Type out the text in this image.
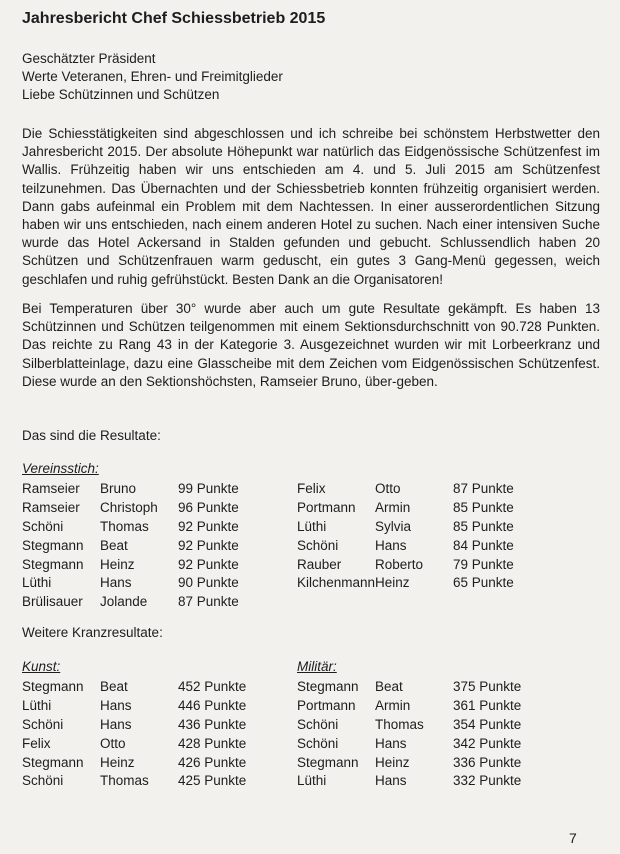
Jahresbericht Chef Schiessbetrieb 2015
Geschätzter Präsident
Werte Veteranen, Ehren- und Freimitglieder
Liebe Schützinnen und Schützen

Die Schiesstätigkeiten sind abgeschlossen und ich schreibe bei schönstem Herbstwetter den Jahresbericht 2015. Der absolute Höhepunkt war natürlich das Eidgenössische Schützenfest im Wallis. Frühzeitig haben wir uns entschieden am 4. und 5. Juli 2015 am Schützenfest teilzunehmen. Das Übernachten und der Schiessbetrieb konnten frühzeitig organisiert werden. Dann gabs aufeinmal ein Problem mit dem Nachtessen. In einer ausserordentlichen Sitzung haben wir uns entschieden, nach einem anderen Hotel zu suchen. Nach einer intensiven Suche wurde das Hotel Ackersand in Stalden gefunden und gebucht. Schlussendlich haben 20 Schützen und Schützenfrauen warm geduscht, ein gutes 3 Gang-Menü gegessen, weich geschlafen und ruhig gefrühstückt. Besten Dank an die Organisatoren!

Bei Temperaturen über 30° wurde aber auch um gute Resultate gekämpft. Es haben 13 Schützinnen und Schützen teilgenommen mit einem Sektionsdurchschnitt von 90.728 Punkten. Das reichte zu Rang 43 in der Kategorie 3. Ausgezeichnet wurden wir mit Lorbeerkranz und Silberblatteinlage, dazu eine Glasscheibe mit dem Zeichen vom Eidgenössischen Schützenfest. Diese wurde an den Sektionshöchsten, Ramseier Bruno, über-geben.

Das sind die Resultate:
Vereinsstich:
Ramseier Bruno	99 Punkte
Ramseier Christoph 96 Punkte
Schöni	Thomas 92 Punkte
Stegmann Beat	92 Punkte
Stegmann Heinz	92 Punkte
Lüthi	Hans	90 Punkte
Brülisauer Jolande 87 Punkte
Felix	Otto	87 Punkte
Portmann Armin	85 Punkte
Lüthi	Sylvia	85 Punkte
Schöni	Hans	84 Punkte
Rauber Roberto 79 Punkte
Kilchenmann Heinz	65 Punkte
Weitere Kranzresultate:
Kunst:
Stegmann Beat	452 Punkte
Lüthi	Hans	446 Punkte
Schöni	Hans	436 Punkte
Felix	Otto	428 Punkte
Stegmann Heinz	426 Punkte
Schöni	Thomas 425 Punkte
Militär:
Stegmann Beat	375 Punkte
Portmann Armin	361 Punkte
Schöni	Thomas 354 Punkte
Schöni	Hans	342 Punkte
Stegmann Heinz	336 Punkte
Lüthi	Hans	332 Punkte
7
